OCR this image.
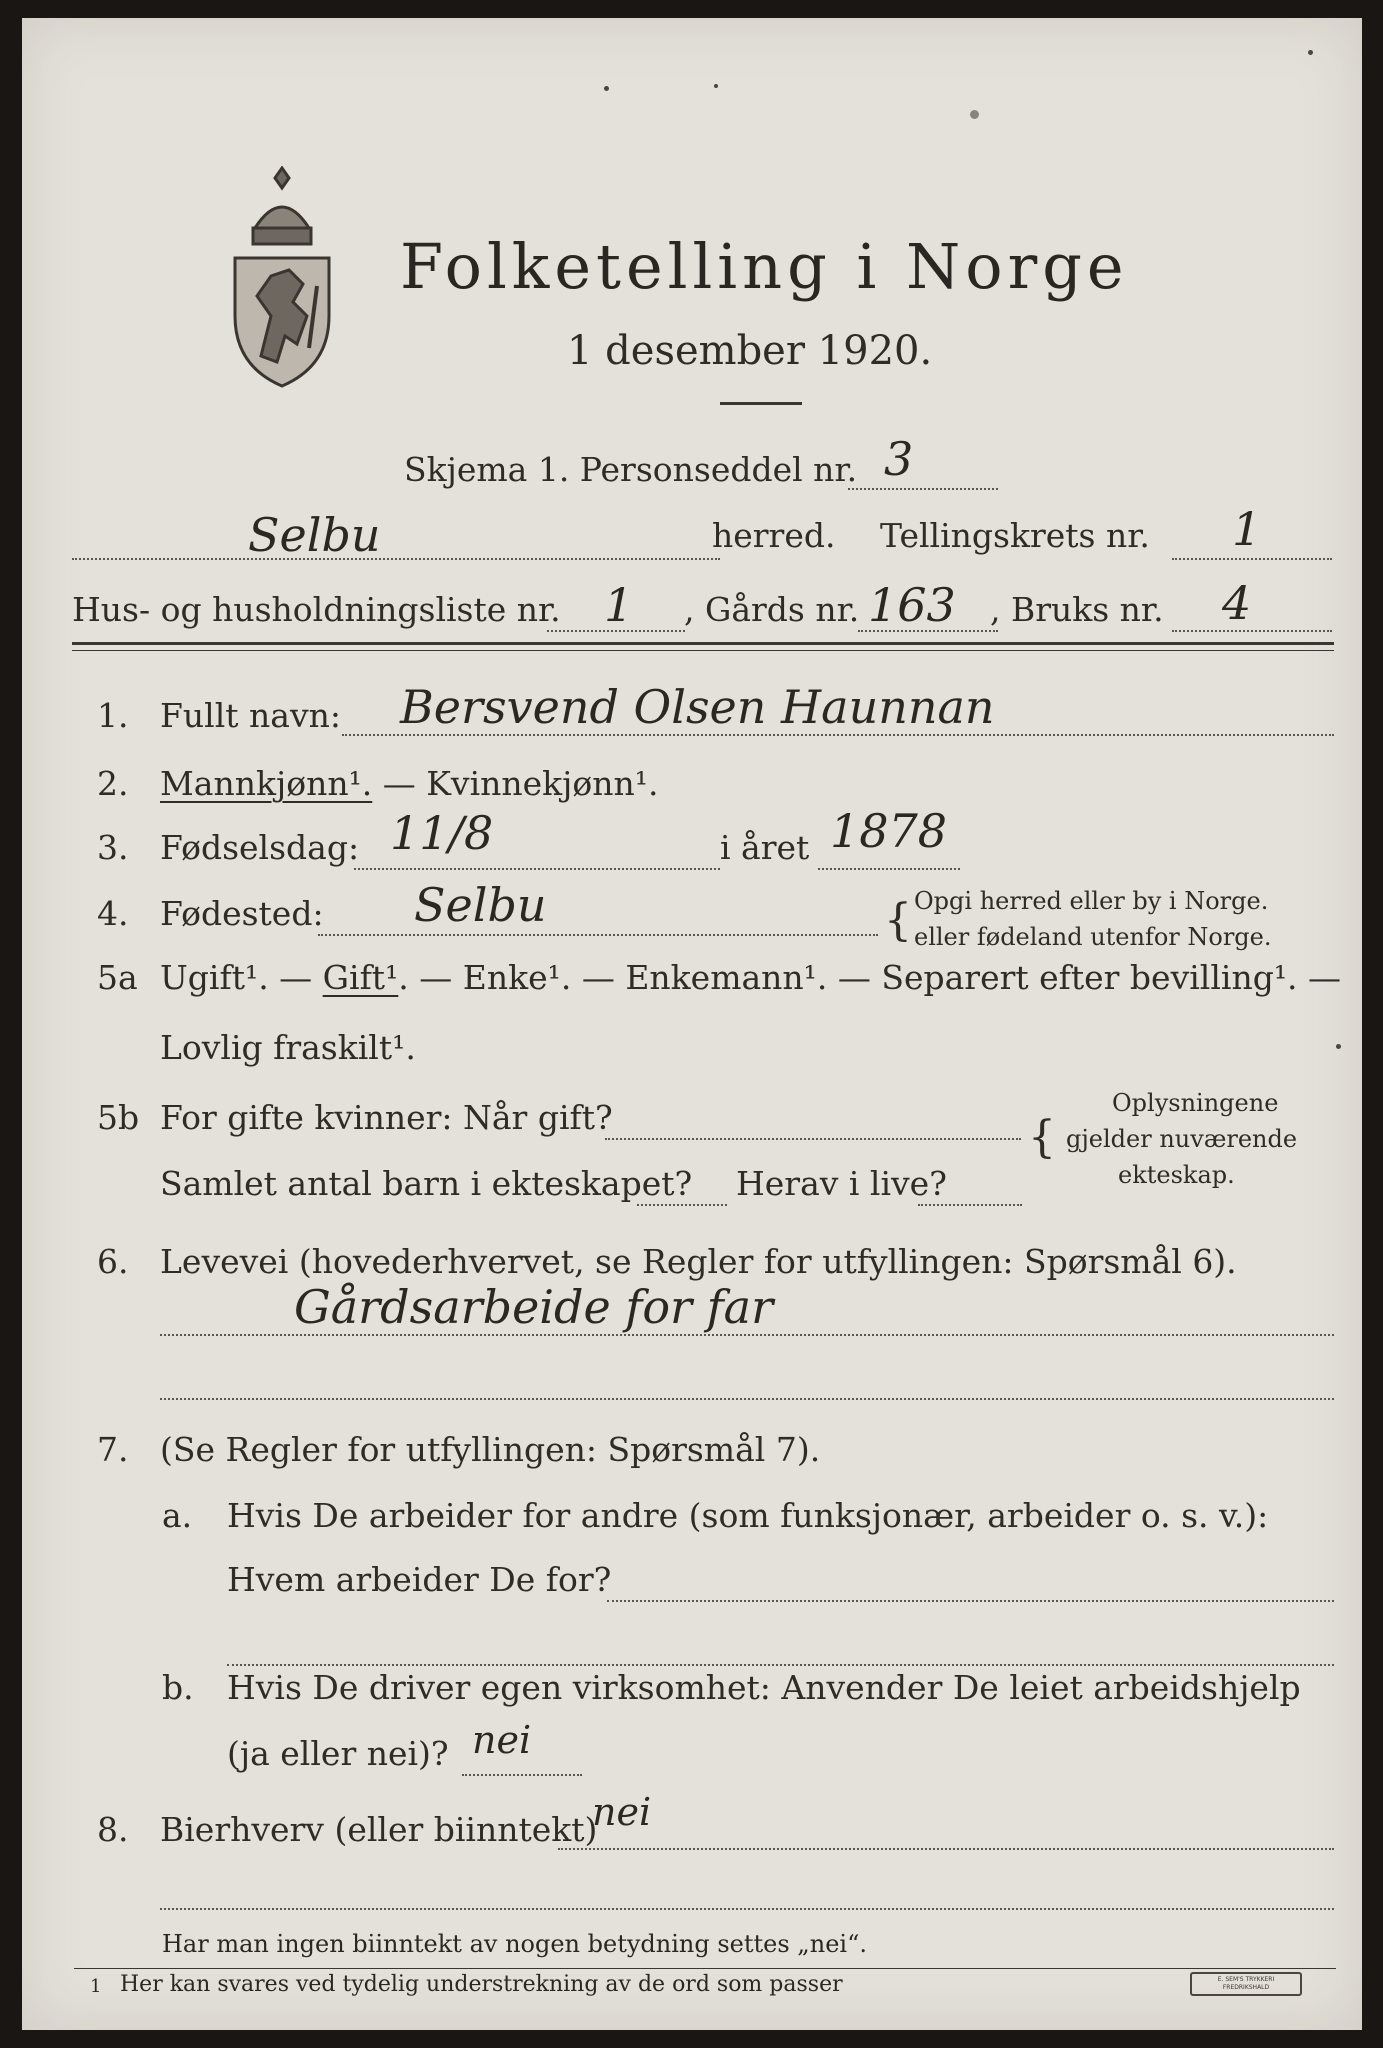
Folketelling i Norge
1 desember 1920.
Skjema 1. Personseddel nr. 3
Selbu	herred. Tellingskrets nr. 1
Hus- og husholdningsliste nr. 1 , Gårds nr. 163 , Bruks nr. 4
1. Fullt navn: Bersvend Olsen Haunnan
2. Mannkjønn¹. — Kvinnekjønn¹.
3. Fødselsdag: 11/8	i året 1878
4. Fødested: Selbu	{ Opgi herred eller by i Norge.
eller fødeland utenfor Norge.
5a Ugift¹. — Gift¹. — Enke¹. — Enkemann¹. — Separert efter bevilling¹. —
Lovlig fraskilt¹.
5b For gifte kvinner: Når gift?
Samlet antal barn i ekteskapet? Herav i live?
{
Oplysningene
gjelder nuværende
ekteskap.
6. Levevei (hovederhvervet, se Regler for utfyllingen: Spørsmål 6).
Gårdsarbeide for far
7. (Se Regler for utfyllingen: Spørsmål 7).
a. Hvis De arbeider for andre (som funksjonær, arbeider o. s. v.):
Hvem arbeider De for?
b. Hvis De driver egen virksomhet: Anvender De leiet arbeidshjelp
(ja eller nei)? nei
8. Bierhverv (eller biinntekt)
nei
Har man ingen biinntekt av nogen betydning settes „nei“.
1 Her kan svares ved tydelig understrekning av de ord som passer	E. SEM'S TRYKKERI
FREDRIKSHALD
